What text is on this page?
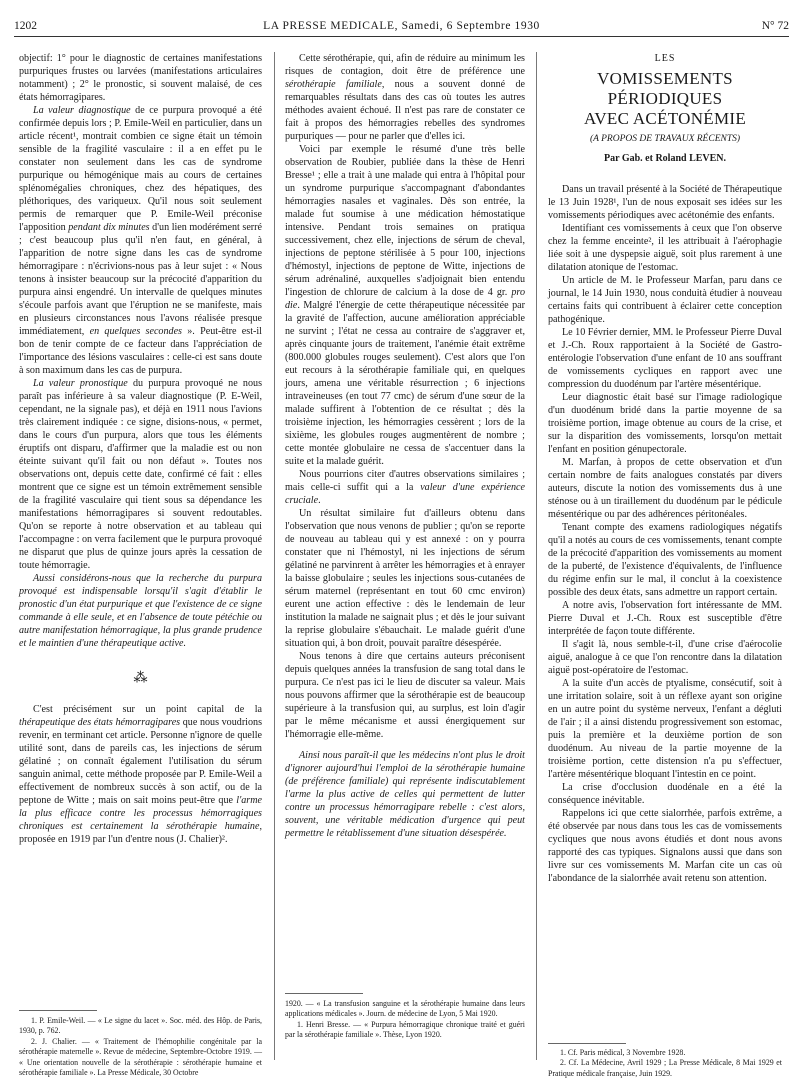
1202	LA PRESSE MEDICALE, Samedi, 6 Septembre 1930	N° 72

objectif: 1° pour le diagnostic de certaines manifestations purpuriques frustes ou larvées (manifestations articulaires notamment) ; 2° le pronostic, si souvent malaisé, de ces états hémorragipares.

La valeur diagnostique de ce purpura provoqué a été confirmée depuis lors ; P. Emile-Weil en particulier, dans un article récent¹, montrait combien ce signe était un témoin sensible de la fragilité vasculaire : il a en effet pu le constater non seulement dans les cas de syndrome purpurique ou hémogénique mais au cours de certaines splénomégalies chroniques, chez des hépatiques, des pléthoriques, des variqueux. Qu'il nous soit seulement permis de remarquer que P. Emile-Weil préconise l'apposition pendant dix minutes d'un lien modérément serré ; c'est beaucoup plus qu'il n'en faut, en général, à l'apparition de notre signe dans les cas de syndrome hémorragipare : n'écrivions-nous pas à leur sujet : « Nous tenons à insister beaucoup sur la précocité d'apparition du purpura ainsi engendré. Un intervalle de quelques minutes s'écoule parfois avant que l'éruption ne se manifeste, mais en plusieurs circonstances nous l'avons réalisée presque immédiatement, en quelques secondes ». Peut-être est-il bon de tenir compte de ce facteur dans l'appréciation de l'importance des lésions vasculaires : celle-ci est sans doute à son maximum dans les cas de purpura.

La valeur pronostique du purpura provoqué ne nous paraît pas inférieure à sa valeur diagnostique (P. E-Weil, cependant, ne la signale pas), et déjà en 1911 nous l'avions très clairement indiquée : ce signe, disions-nous, « permet, dans le cours d'un purpura, alors que tous les éléments éruptifs ont disparu, d'affirmer que la maladie est ou non éteinte suivant qu'il fait ou non défaut ». Toutes nos observations ont, depuis cette date, confirmé cé fait : elles montrent que ce signe est un témoin extrêmement sensible de la fragilité vasculaire qui tient sous sa dépendance les manifestations hémorragipares si souvent redoutables. Qu'on se reporte à notre observation et au tableau qui l'accompagne : on verra facilement que le purpura provoqué ne disparut que plus de quinze jours après la cessation de toute hémorragie.

Aussi considérons-nous que la recherche du purpura provoqué est indispensable lorsqu'il s'agit d'établir le pronostic d'un état purpurique et que l'existence de ce signe commande à elle seule, et en l'absence de toute pétéchie ou autre manifestation hémorragique, la plus grande prudence et le maintien d'une thérapeutique active.

⁂

C'est précisément sur un point capital de la thérapeutique des états hémorragipares que nous voudrions revenir, en terminant cet article. Personne n'ignore de quelle utilité sont, dans de pareils cas, les injections de sérum gélatiné ; on connaît également l'utilisation du sérum sanguin animal, cette méthode proposée par P. Emile-Weil a effectivement de nombreux succès à son actif, ou de la peptone de Witte ; mais on sait moins peut-être que l'arme la plus efficace contre les processus hémorragiques chroniques est certainement la sérothérapie humaine, proposée en 1919 par l'un d'entre nous (J. Chalier)².

1. P. Emile-Weil. — « Le signe du lacet ». Soc. méd. des Hôp. de Paris, 1930, p. 762.

2. J. Chalier. — « Traitement de l'hémophilie congénitale par la sérothérapie maternelle ». Revue de médecine, Septembre-Octobre 1919. — « Une orientation nouvelle de la sérothérapie : sérothérapie humaine et sérothérapie familiale ». La Presse Médicale, 30 Octobre

Cette sérothérapie, qui, afin de réduire au minimum les risques de contagion, doit être de préférence une sérothérapie familiale, nous a souvent donné de remarquables résultats dans des cas où toutes les autres méthodes avaient échoué. Il n'est pas rare de constater ce fait à propos des hémorragies rebelles des syndromes purpuriques — pour ne parler que d'elles ici.

Voici par exemple le résumé d'une très belle observation de Roubier, publiée dans la thèse de Henri Bresse¹ ; elle a trait à une malade qui entra à l'hôpital pour un syndrome purpurique s'accompagnant d'abondantes hémorragies nasales et vaginales. Dès son entrée, la malade fut soumise à une médication hémostatique intensive. Pendant trois semaines on pratiqua successivement, chez elle, injections de sérum de cheval, injections de peptone stérilisée à 5 pour 100, injections d'hémostyl, injections de peptone de Witte, injections de sérum adrénaliné, auxquelles s'adjoignait bien entendu l'ingestion de chlorure de calcium à la dose de 4 gr. pro die. Malgré l'énergie de cette thérapeutique nécessitée par la gravité de l'affection, aucune amélioration appréciable ne survint ; l'état ne cessa au contraire de s'aggraver et, après cinquante jours de traitement, l'anémie était extrême (800.000 globules rouges seulement). C'est alors que l'on eut recours à la sérothérapie familiale qui, en quelques jours, amena une véritable résurrection ; 6 injections intraveineuses (en tout 77 cmc) de sérum d'une sœur de la malade suffirent à l'obtention de ce résultat ; dès la troisième injection, les hémorragies cessèrent ; lors de la sixième, les globules rouges augmentèrent de nombre ; cette montée globulaire ne cessa de s'accentuer dans la suite et la malade guérit.

Nous pourrions citer d'autres observations similaires ; mais celle-ci suffit qui a la valeur d'une expérience cruciale.

Un résultat similaire fut d'ailleurs obtenu dans l'observation que nous venons de publier ; qu'on se reporte de nouveau au tableau qui y est annexé : on y pourra constater que ni l'hémostyl, ni les injections de sérum gélatiné ne parvinrent à arrêter les hémorragies et à enrayer la baisse globulaire ; seules les injections sous-cutanées de sérum maternel (représentant en tout 60 cmc environ) eurent une action effective : dès le lendemain de leur institution la malade ne saignait plus ; et dès le jour suivant la reprise globulaire s'ébauchait. Le malade guérit d'une situation qui, à bon droit, pouvait paraître désespérée.

Nous tenons à dire que certains auteurs préconisent depuis quelques années la transfusion de sang total dans le purpura. Ce n'est pas ici le lieu de discuter sa valeur. Mais nous pouvons affirmer que la sérothérapie est de beaucoup supérieure à la transfusion qui, au surplus, est loin d'agir par le même mécanisme et aussi énergiquement sur l'hémorragie elle-même.

Ainsi nous paraît-il que les médecins n'ont plus le droit d'ignorer aujourd'hui l'emploi de la sérothérapie humaine (de préférence familiale) qui représente indiscutablement l'arme la plus active de celles qui permettent de lutter contre un processus hémorragipare rebelle : c'est alors, souvent, une véritable médication d'urgence qui peut permettre le rétablissement d'une situation désespérée.

1920. — « La transfusion sanguine et la sérothérapie humaine dans leurs applications médicales ». Journ. de médecine de Lyon, 5 Mai 1920.

1. Henri Bresse. — « Purpura hémorragique chronique traité et guéri par la sérothérapie familiale ». Thèse, Lyon 1920.

LES
VOMISSEMENTS PÉRIODIQUES
AVEC ACÉTONÉMIE
(A PROPOS DE TRAVAUX RÉCENTS)
Par Gab. et Roland LEVEN.

Dans un travail présenté à la Société de Thérapeutique le 13 Juin 1928¹, l'un de nous exposait ses idées sur les vomissements périodiques avec acétonémie des enfants.

Identifiant ces vomissements à ceux que l'on observe chez la femme enceinte², il les attribuait à l'aérophagie liée soit à une dyspepsie aiguë, soit plus rarement à une dilatation atonique de l'estomac.

Un article de M. le Professeur Marfan, paru dans ce journal, le 14 Juin 1930, nous conduità étudier à nouveau certains faits qui contribuent à éclairer cette conception pathogénique.

Le 10 Février dernier, MM. le Professeur Pierre Duval et J.-Ch. Roux rapportaient à la Société de Gastro-entérologie l'observation d'une enfant de 10 ans souffrant de vomissements cycliques en rapport avec une compression du duodénum par l'artère mésentérique.

Leur diagnostic était basé sur l'image radiologique d'un duodénum bridé dans la partie moyenne de sa troisième portion, image obtenue au cours de la crise, et sur la disparition des vomissements, lorsqu'on mettait l'enfant en position génupectorale.

M. Marfan, à propos de cette observation et d'un certain nombre de faits analogues constatés par divers auteurs, discute la notion des vomissements dus à une sténose ou à un tiraillement du duodénum par le pédicule mésentérique ou par des adhérences péritonéales.

Tenant compte des examens radiologiques négatifs qu'il a notés au cours de ces vomissements, tenant compte de la précocité d'apparition des vomissements au moment de la puberté, de l'existence d'équivalents, de l'influence du régime enfin sur le mal, il conclut à la coexistence possible des deux états, sans admettre un rapport certain.

A notre avis, l'observation fort intéressante de MM. Pierre Duval et J.-Ch. Roux est susceptible d'être interprétée de façon toute différente.

Il s'agit là, nous semble-t-il, d'une crise d'aérocolie aiguë, analogue à ce que l'on rencontre dans la dilatation aiguë post-opératoire de l'estomac.

A la suite d'un accès de ptyalisme, consécutif, soit à une irritation solaire, soit à un réflexe ayant son origine en un autre point du système nerveux, l'enfant a dégluti de l'air ; il a ainsi distendu progressivement son estomac, puis la première et la deuxième portion de son duodénum. Au niveau de la partie moyenne de la troisième portion, cette distension n'a pu s'effectuer, l'artère mésentérique bloquant l'intestin en ce point.

La crise d'occlusion duodénale en a été la conséquence inévitable.

Rappelons ici que cette sialorrhée, parfois extrême, a été observée par nous dans tous les cas de vomissements cycliques que nous avons étudiés et dont nous avons rapporté des cas typiques. Signalons aussi que dans son livre sur ces vomissements M. Marfan cite un cas où l'abondance de la sialorrhée avait retenu son attention.

1. Cf. Paris médical, 3 Novembre 1928.

2. Cf. La Médecine, Avril 1929 ; La Presse Médicale, 8 Mai 1929 et Pratique médicale française, Juin 1929.
